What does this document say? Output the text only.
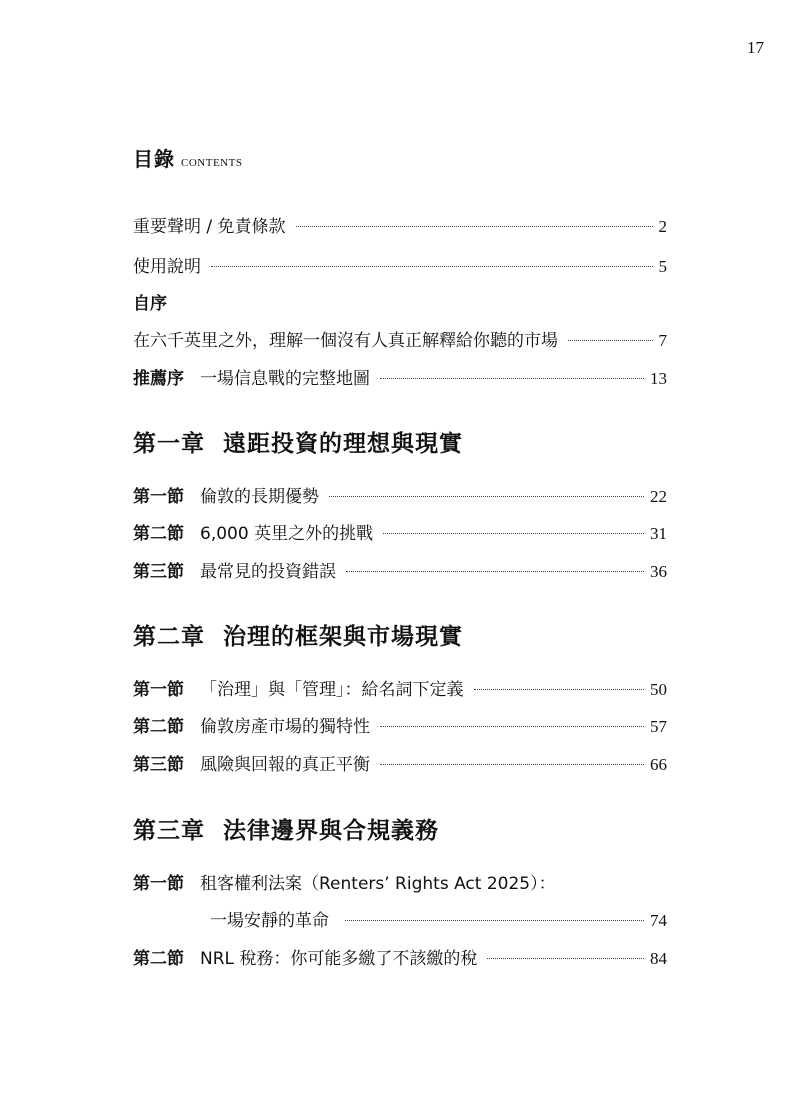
17
目錄 CONTENTS
重要聲明 / 免責條款	2
使用說明	5
自序
在六千英里之外，理解一個沒有人真正解釋給你聽的市場	7
推薦序 一場信息戰的完整地圖	13
第一章 遠距投資的理想與現實
第一節 倫敦的長期優勢	22
第二節 6,000 英里之外的挑戰	31
第三節 最常見的投資錯誤	36
第二章 治理的框架與市場現實
第一節 「治理」與「管理」：給名詞下定義	50
第二節 倫敦房產市場的獨特性	57
第三節 風險與回報的真正平衡	66
第三章 法律邊界與合規義務
第一節 租客權利法案（Renters’ Rights Act 2025）：
一場安靜的革命	74
第二節 NRL 稅務：你可能多繳了不該繳的稅	84
